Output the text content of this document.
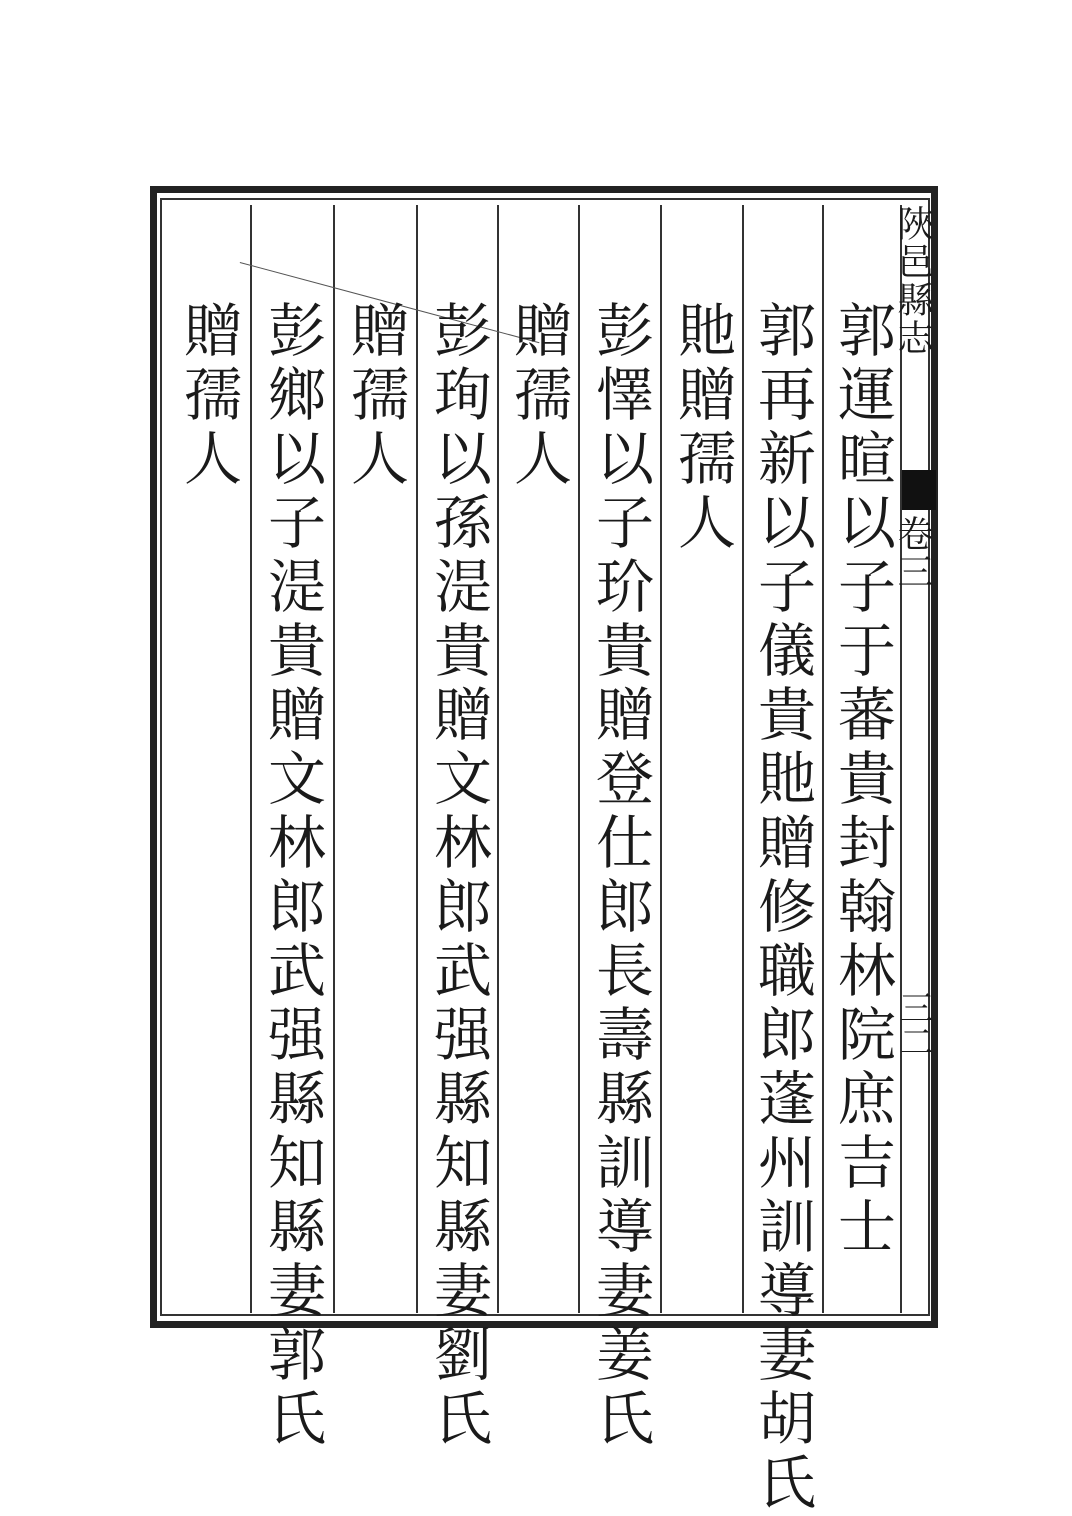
陜邑縣志
卷三
三二
郭運暄以子于蕃貴封翰林院庶吉士
郭再新以子儀貴貤贈修職郎蓬州訓導妻胡氏
貤贈孺人
彭懌以子玠貴贈登仕郎長壽縣訓導妻姜氏
贈孺人
彭珣以孫湜貴贈文林郎武强縣知縣妻劉氏
贈孺人
彭鄉以子湜貴贈文林郎武强縣知縣妻郭氏
贈孺人
